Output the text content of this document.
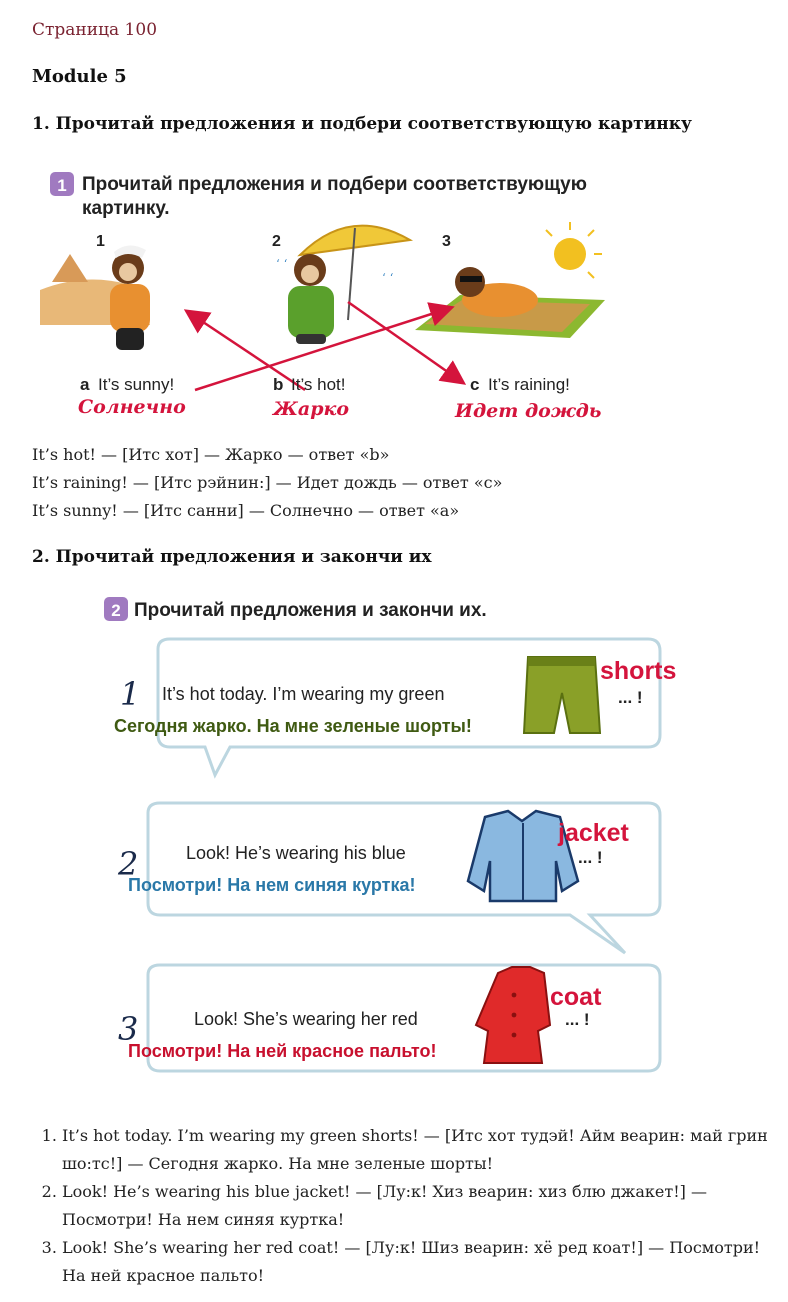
Страница 100
Module 5
1. Прочитай предложения и подбери соответствующую картинку
1 Прочитай предложения и подбери соответствующую
картинку.
1	2	3
ʻ ʻ
ʻ ʻ
a It’s sunny!	b It’s hot!	c It’s raining!
Солнечно	Жарко	Идет дождь
It’s hot! — [Итс хот] — Жарко — ответ «b»
It’s raining! — [Итс рэйнин:] — Идет дождь — ответ «c»
It’s sunny! — [Итс санни] — Солнечно — ответ «a»
2. Прочитай предложения и закончи их
2 Прочитай предложения и закончи их.
1 It’s hot today. I’m wearing my green
Сегодня жарко. На мне зеленые шорты!
shorts
... !
2	Look! He’s wearing his blue
Посмотри! На нем синяя куртка!
jacket
... !
3	Look! She’s wearing her red
Посмотри! На ней красное пальто!
coat
... !
1. It’s hot today. I’m wearing my green shorts! — [Итс хот тудэй! Айм веарин: май грин шо:тс!] — Сегодня жарко. На мне зеленые шорты!
2. Look! He’s wearing his blue jacket! — [Лу:к! Хиз веарин: хиз блю джакет!] — Посмотри! На нем синяя куртка!
3. Look! She’s wearing her red coat! — [Лу:к! Шиз веарин: хё ред коат!] — Посмотри! На ней красное пальто!
